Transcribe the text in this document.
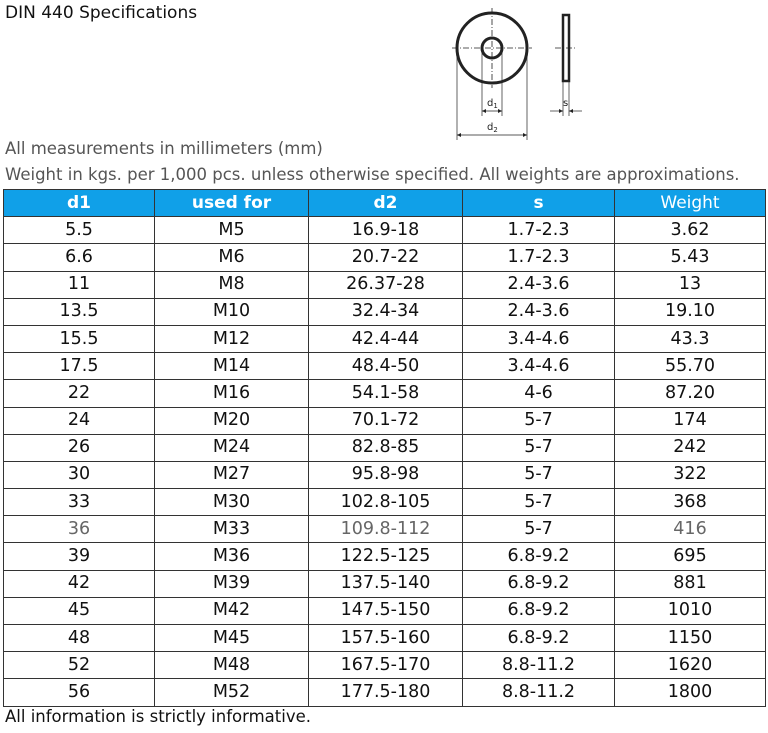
DIN 440 Specifications
$d_1$
$d_2$
s
All measurements in millimeters (mm)
Weight in kgs. per 1,000 pcs. unless otherwise specified. All weights are approximations.
d1	used for	d2	s	Weight
5.5	M5	16.9-18	1.7-2.3	3.62
6.6	M6	20.7-22	1.7-2.3	5.43
11	M8	26.37-28	2.4-3.6	13
13.5	M10	32.4-34	2.4-3.6	19.10
15.5	M12	42.4-44	3.4-4.6	43.3
17.5	M14	48.4-50	3.4-4.6	55.70
22	M16	54.1-58	4-6	87.20
24	M20	70.1-72	5-7	174
26	M24	82.8-85	5-7	242
30	M27	95.8-98	5-7	322
33	M30	102.8-105	5-7	368
36	M33	109.8-112	5-7	416
39	M36	122.5-125	6.8-9.2	695
42	M39	137.5-140	6.8-9.2	881
45	M42	147.5-150	6.8-9.2	1010
48	M45	157.5-160	6.8-9.2	1150
52	M48	167.5-170	8.8-11.2	1620
56	M52	177.5-180	8.8-11.2	1800
All information is strictly informative.
